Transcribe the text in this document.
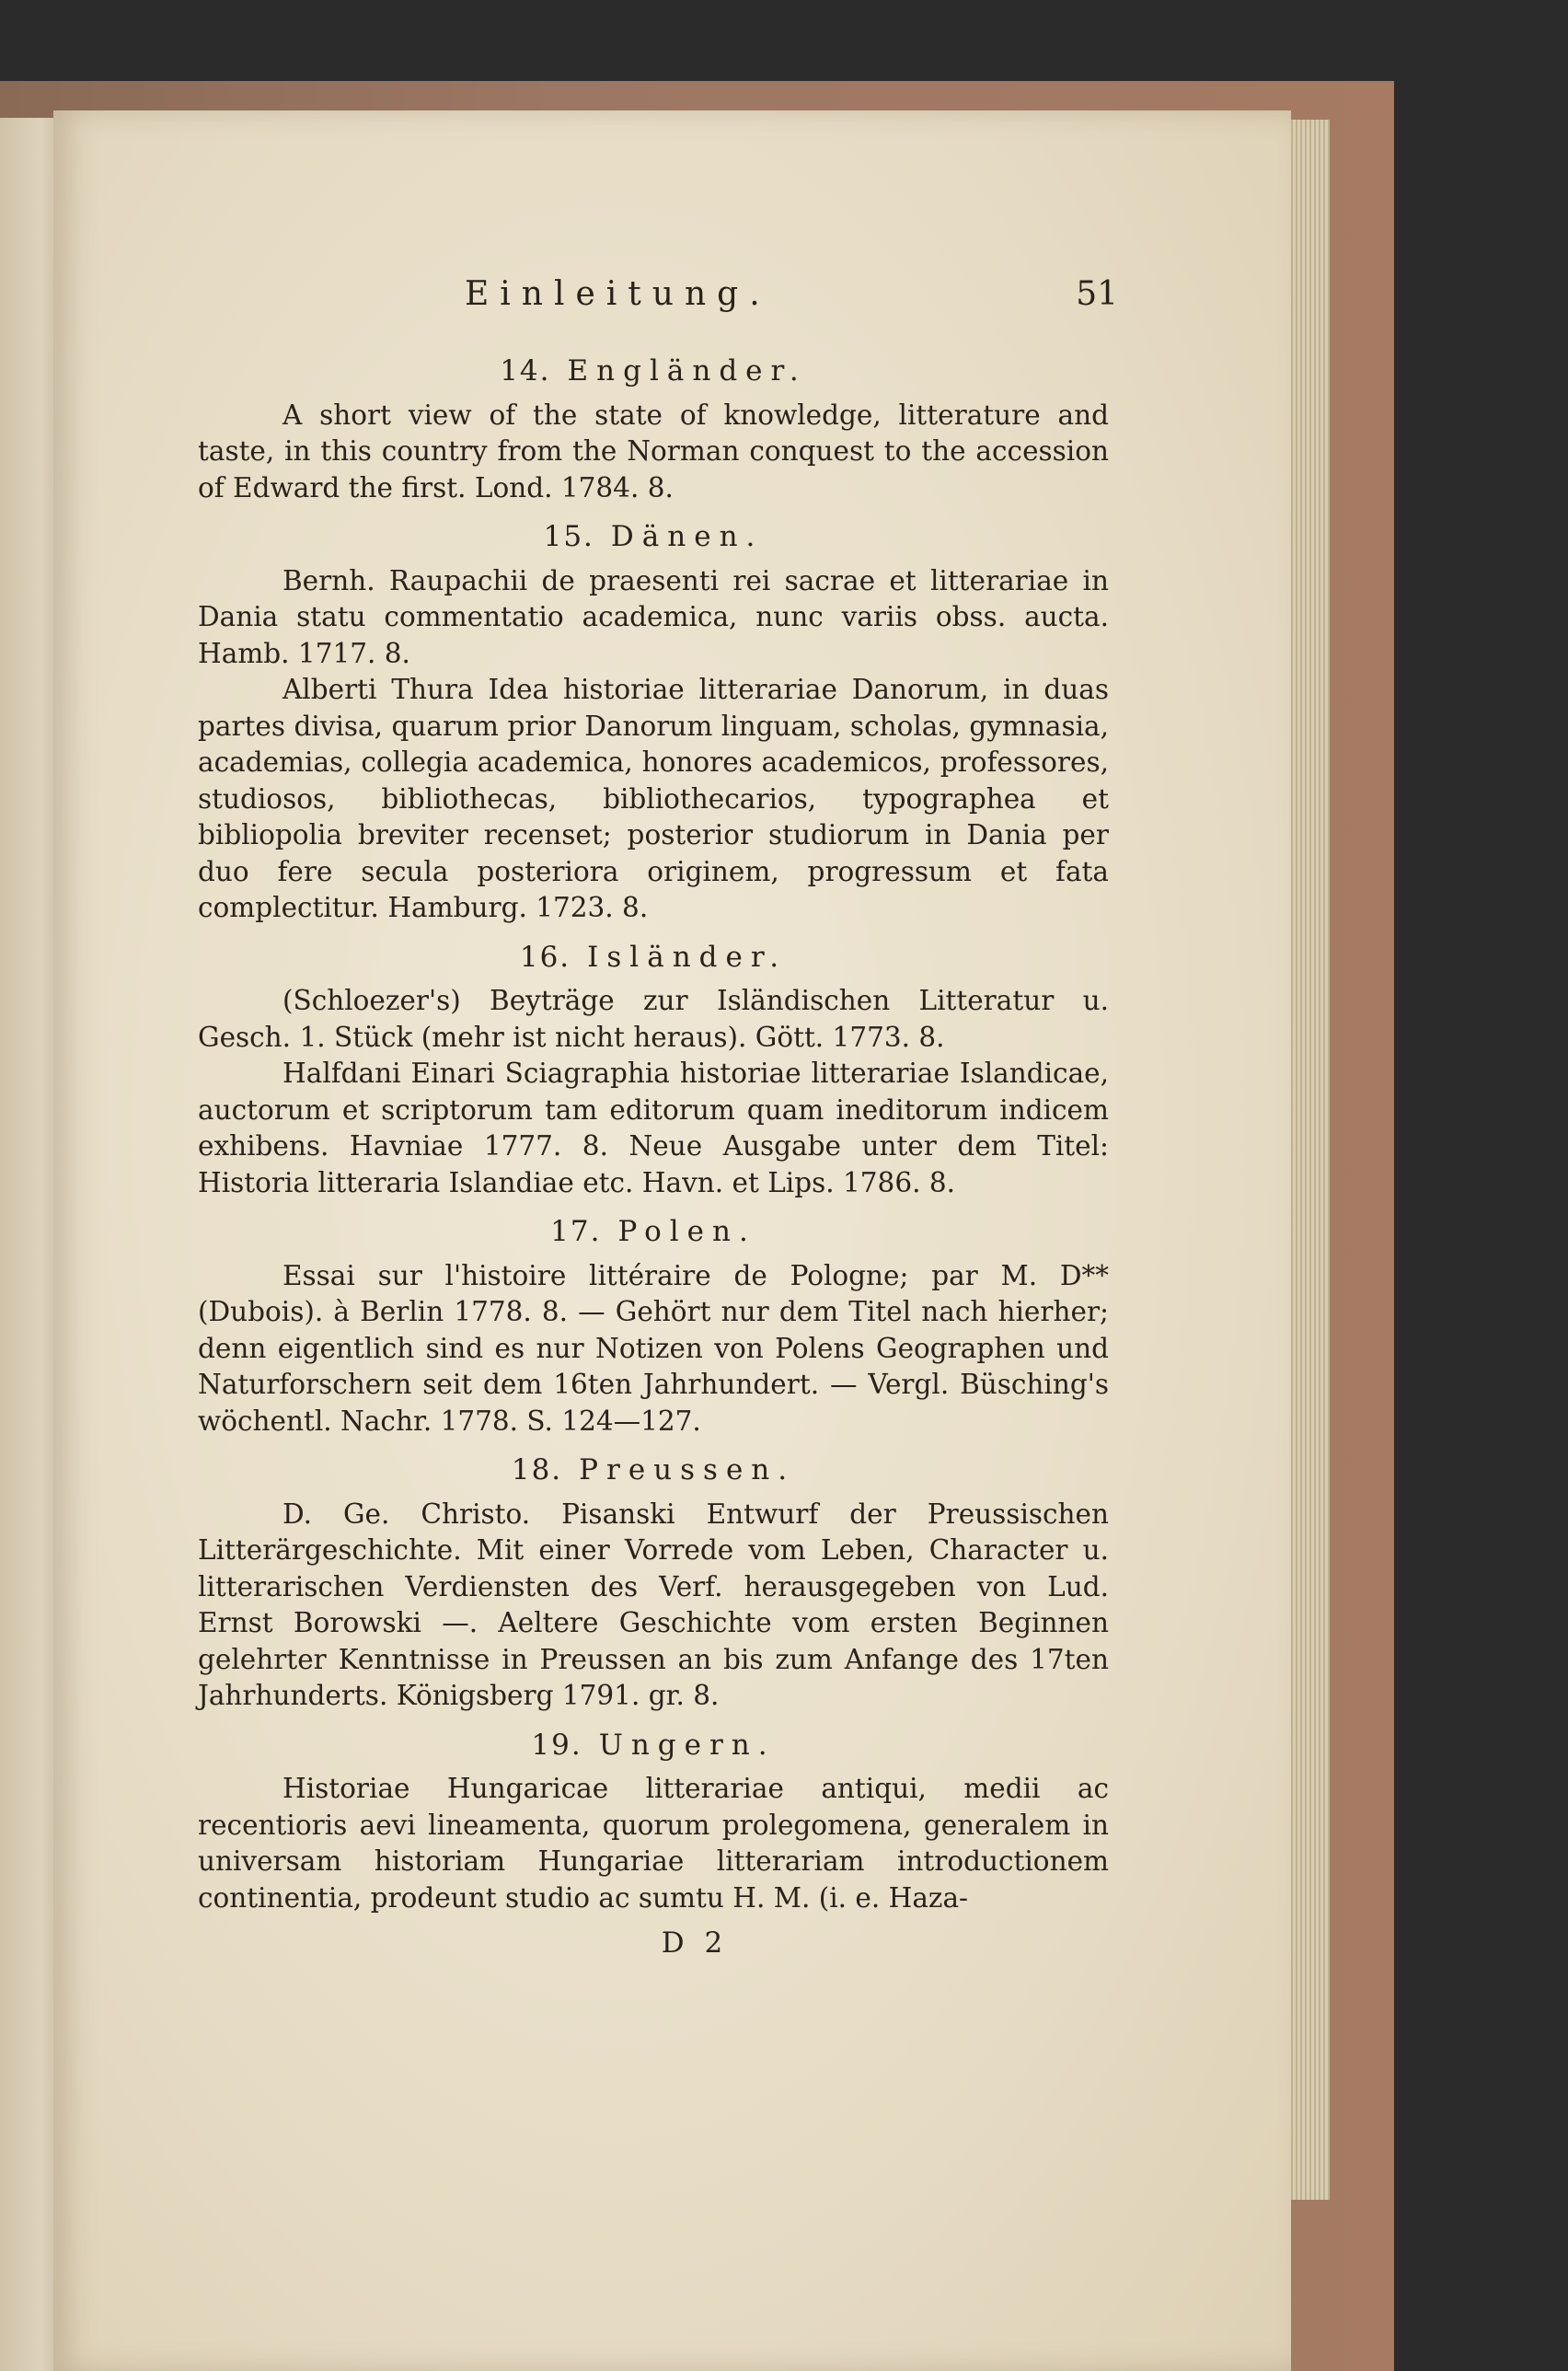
Einleitung.	51
14. Engländer.

A short view of the state of knowledge, litterature and taste, in this country from the Norman conquest to the accession of Edward the first. Lond. 1784. 8.

15. Dänen.

Bernh. Raupachii de praesenti rei sacrae et litterariae in Dania statu commentatio academica, nunc variis obss. aucta. Hamb. 1717. 8.

Alberti Thura Idea historiae litterariae Danorum, in duas partes divisa, quarum prior Danorum linguam, scholas, gymnasia, academias, collegia academica, honores academicos, professores, studiosos, bibliothecas, bibliothecarios, typographea et bibliopolia breviter recenset; posterior studiorum in Dania per duo fere secula posteriora originem, progressum et fata complectitur. Hamburg. 1723. 8.

16. Isländer.

(Schloezer's) Beyträge zur Isländischen Litteratur u. Gesch. 1. Stück (mehr ist nicht heraus). Gött. 1773. 8.

Halfdani Einari Sciagraphia historiae litterariae Islandicae, auctorum et scriptorum tam editorum quam ineditorum indicem exhibens. Havniae 1777. 8. Neue Ausgabe unter dem Titel: Historia litteraria Islandiae etc. Havn. et Lips. 1786. 8.

17. Polen.

Essai sur l'histoire littéraire de Pologne; par M. D** (Dubois). à Berlin 1778. 8. — Gehört nur dem Titel nach hierher; denn eigentlich sind es nur Notizen von Polens Geographen und Naturforschern seit dem 16ten Jahrhundert. — Vergl. Büsching's wöchentl. Nachr. 1778. S. 124—127.

18. Preussen.

D. Ge. Christo. Pisanski Entwurf der Preussischen Litterärgeschichte. Mit einer Vorrede vom Leben, Character u. litterarischen Verdiensten des Verf. herausgegeben von Lud. Ernst Borowski —. Aeltere Geschichte vom ersten Beginnen gelehrter Kenntnisse in Preussen an bis zum Anfange des 17ten Jahrhunderts. Königsberg 1791. gr. 8.

19. Ungern.

Historiae Hungaricae litterariae antiqui, medii ac recentioris aevi lineamenta, quorum prolegomena, generalem in universam historiam Hungariae litterariam introductionem continentia, prodeunt studio ac sumtu H. M. (i. e. Haza-

D 2
